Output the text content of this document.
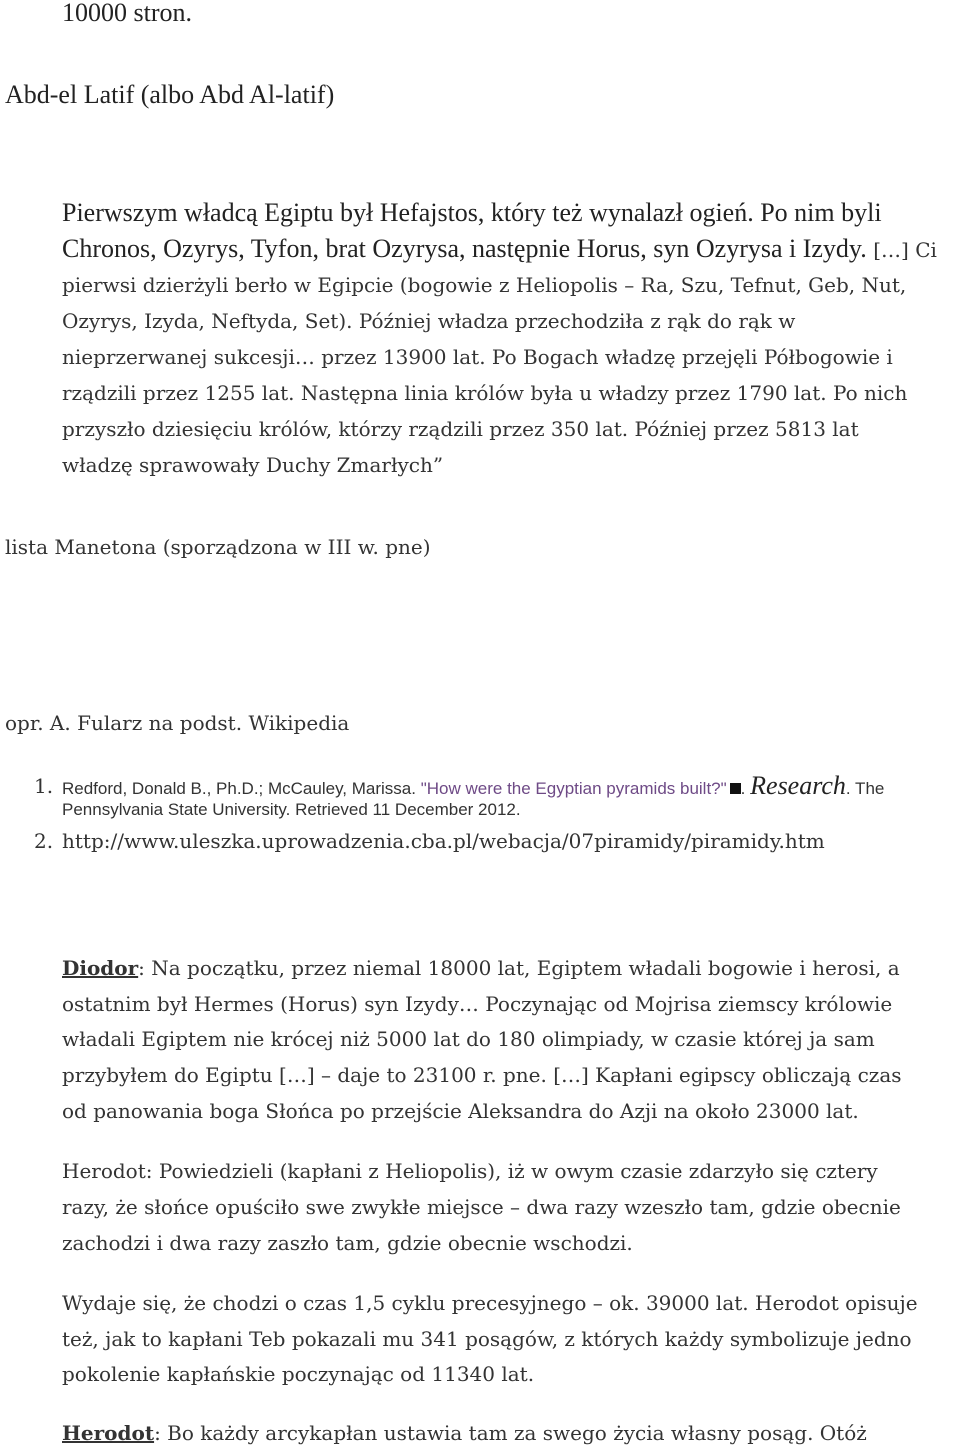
10000 stron.
Abd-el Latif (albo Abd Al-latif)
Pierwszym władcą Egiptu był Hefajstos, który też wynalazł ogień. Po nim byli
Chronos, Ozyrys, Tyfon, brat Ozyrysa, następnie Horus, syn Ozyrysa i Izydy. […] Ci
pierwsi dzierżyli berło w Egipcie (bogowie z Heliopolis – Ra, Szu, Tefnut, Geb, Nut,
Ozyrys, Izyda, Neftyda, Set). Później władza przechodziła z rąk do rąk w
nieprzerwanej sukcesji… przez 13900 lat. Po Bogach władzę przejęli Półbogowie i
rządzili przez 1255 lat. Następna linia królów była u władzy przez 1790 lat. Po nich
przyszło dziesięciu królów, którzy rządzili przez 350 lat. Później przez 5813 lat
władzę sprawowały Duchy Zmarłych”
lista Manetona (sporządzona w III w. pne)
opr. A. Fularz na podst. Wikipedia
1. Redford, Donald B., Ph.D.; McCauley, Marissa. "How were the Egyptian pyramids built?" . Research. The
Pennsylvania State University. Retrieved 11 December 2012.
2. http://www.uleszka.uprowadzenia.cba.pl/webacja/07piramidy/piramidy.htm
Diodor: Na początku, przez niemal 18000 lat, Egiptem władali bogowie i herosi, a
ostatnim był Hermes (Horus) syn Izydy… Poczynając od Mojrisa ziemscy królowie
władali Egiptem nie krócej niż 5000 lat do 180 olimpiady, w czasie której ja sam
przybyłem do Egiptu […] – daje to 23100 r. pne. […] Kapłani egipscy obliczają czas
od panowania boga Słońca po przejście Aleksandra do Azji na około 23000 lat.
Herodot: Powiedzieli (kapłani z Heliopolis), iż w owym czasie zdarzyło się cztery
razy, że słońce opuściło swe zwykłe miejsce – dwa razy wzeszło tam, gdzie obecnie
zachodzi i dwa razy zaszło tam, gdzie obecnie wschodzi.
Wydaje się, że chodzi o czas 1,5 cyklu precesyjnego – ok. 39000 lat. Herodot opisuje
też, jak to kapłani Teb pokazali mu 341 posągów, z których każdy symbolizuje jedno
pokolenie kapłańskie poczynając od 11340 lat.
Herodot: Bo każdy arcykapłan ustawia tam za swego życia własny posąg. Otóż
